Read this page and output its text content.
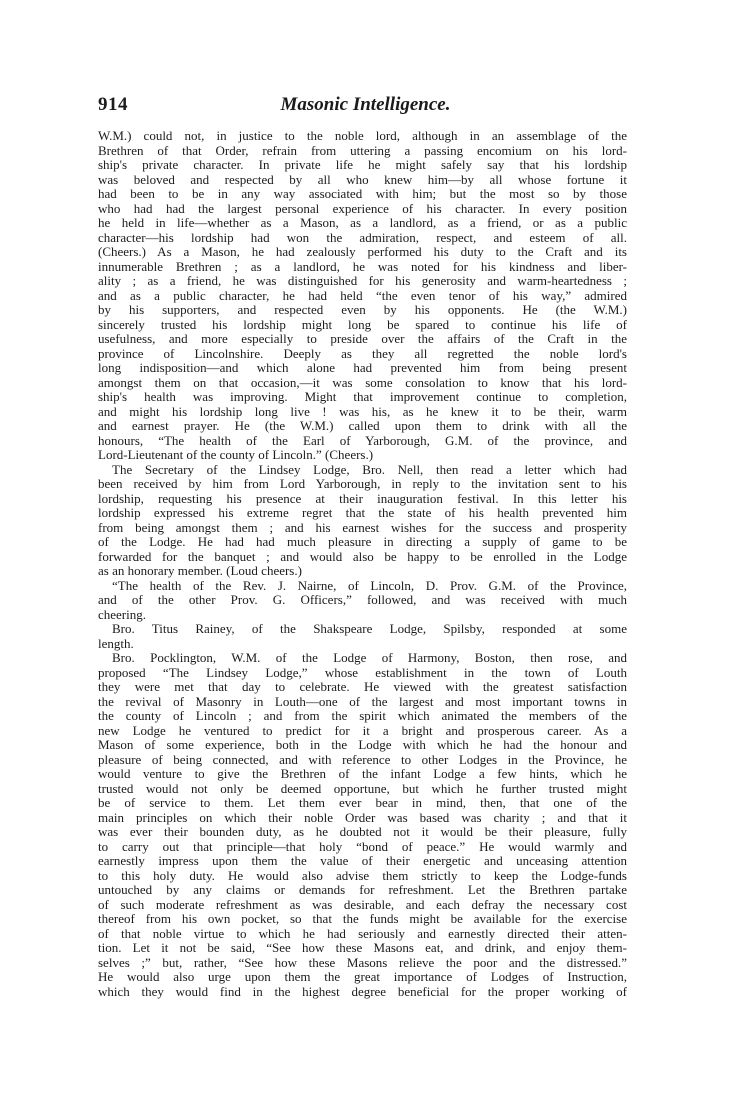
914	Masonic Intelligence.
W.M.) could not, in justice to the noble lord, although in an assemblage of the
Brethren of that Order, refrain from uttering a passing encomium on his lord-
ship's private character. In private life he might safely say that his lordship
was beloved and respected by all who knew him—by all whose fortune it
had been to be in any way associated with him; but the most so by those
who had had the largest personal experience of his character. In every position
he held in life—whether as a Mason, as a landlord, as a friend, or as a public
character—his lordship had won the admiration, respect, and esteem of all.
(Cheers.) As a Mason, he had zealously performed his duty to the Craft and its
innumerable Brethren ; as a landlord, he was noted for his kindness and liber-
ality ; as a friend, he was distinguished for his generosity and warm-heartedness ;
and as a public character, he had held “the even tenor of his way,” admired
by his supporters, and respected even by his opponents. He (the W.M.)
sincerely trusted his lordship might long be spared to continue his life of
usefulness, and more especially to preside over the affairs of the Craft in the
province of Lincolnshire. Deeply as they all regretted the noble lord's
long indisposition—and which alone had prevented him from being present
amongst them on that occasion,—it was some consolation to know that his lord-
ship's health was improving. Might that improvement continue to completion,
and might his lordship long live ! was his, as he knew it to be their, warm
and earnest prayer. He (the W.M.) called upon them to drink with all the
honours, “The health of the Earl of Yarborough, G.M. of the province, and
Lord-Lieutenant of the county of Lincoln.” (Cheers.)
The Secretary of the Lindsey Lodge, Bro. Nell, then read a letter which had
been received by him from Lord Yarborough, in reply to the invitation sent to his
lordship, requesting his presence at their inauguration festival. In this letter his
lordship expressed his extreme regret that the state of his health prevented him
from being amongst them ; and his earnest wishes for the success and prosperity
of the Lodge. He had had much pleasure in directing a supply of game to be
forwarded for the banquet ; and would also be happy to be enrolled in the Lodge
as an honorary member. (Loud cheers.)
“The health of the Rev. J. Nairne, of Lincoln, D. Prov. G.M. of the Province,
and of the other Prov. G. Officers,” followed, and was received with much
cheering.
Bro. Titus Rainey, of the Shakspeare Lodge, Spilsby, responded at some
length.
Bro. Pocklington, W.M. of the Lodge of Harmony, Boston, then rose, and
proposed “The Lindsey Lodge,” whose establishment in the town of Louth
they were met that day to celebrate. He viewed with the greatest satisfaction
the revival of Masonry in Louth—one of the largest and most important towns in
the county of Lincoln ; and from the spirit which animated the members of the
new Lodge he ventured to predict for it a bright and prosperous career. As a
Mason of some experience, both in the Lodge with which he had the honour and
pleasure of being connected, and with reference to other Lodges in the Province, he
would venture to give the Brethren of the infant Lodge a few hints, which he
trusted would not only be deemed opportune, but which he further trusted might
be of service to them. Let them ever bear in mind, then, that one of the
main principles on which their noble Order was based was charity ; and that it
was ever their bounden duty, as he doubted not it would be their pleasure, fully
to carry out that principle—that holy “bond of peace.” He would warmly and
earnestly impress upon them the value of their energetic and unceasing attention
to this holy duty. He would also advise them strictly to keep the Lodge-funds
untouched by any claims or demands for refreshment. Let the Brethren partake
of such moderate refreshment as was desirable, and each defray the necessary cost
thereof from his own pocket, so that the funds might be available for the exercise
of that noble virtue to which he had seriously and earnestly directed their atten-
tion. Let it not be said, “See how these Masons eat, and drink, and enjoy them-
selves ;” but, rather, “See how these Masons relieve the poor and the distressed.”
He would also urge upon them the great importance of Lodges of Instruction,
which they would find in the highest degree beneficial for the proper working of
